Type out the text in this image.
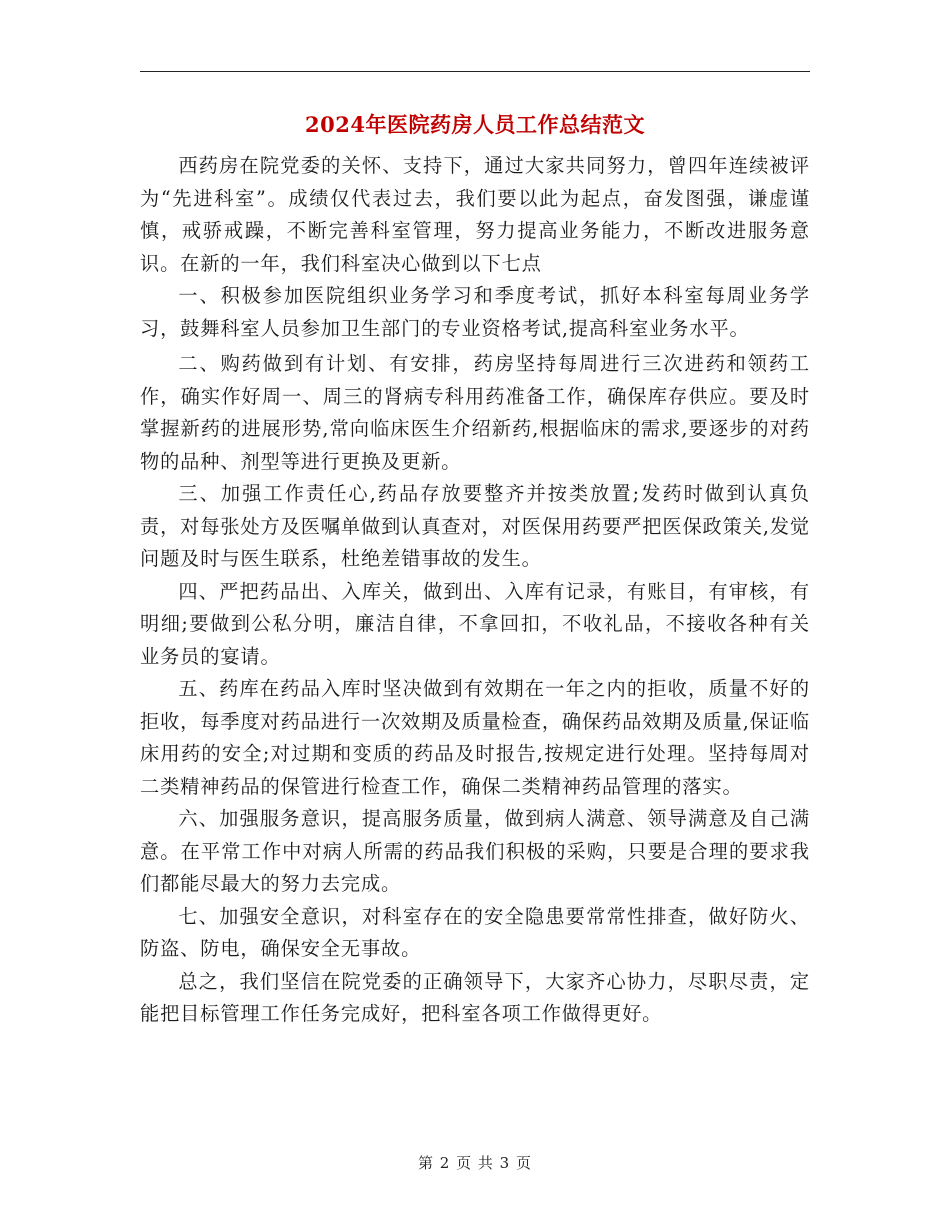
2024年医院药房人员工作总结范文

西药房在院党委的关怀、支持下，通过大家共同努力，曾四年连续被评为“先进科室”。成绩仅代表过去，我们要以此为起点，奋发图强，谦虚谨慎，戒骄戒躁，不断完善科室管理，努力提高业务能力，不断改进服务意识。在新的一年，我们科室决心做到以下七点

一、积极参加医院组织业务学习和季度考试，抓好本科室每周业务学习，鼓舞科室人员参加卫生部门的专业资格考试,提高科室业务水平。

二、购药做到有计划、有安排，药房坚持每周进行三次进药和领药工作，确实作好周一、周三的肾病专科用药准备工作，确保库存供应。要及时掌握新药的进展形势,常向临床医生介绍新药,根据临床的需求,要逐步的对药物的品种、剂型等进行更换及更新。

三、加强工作责任心,药品存放要整齐并按类放置;发药时做到认真负责，对每张处方及医嘱单做到认真查对，对医保用药要严把医保政策关,发觉问题及时与医生联系，杜绝差错事故的发生。

四、严把药品出、入库关，做到出、入库有记录，有账目，有审核，有明细;要做到公私分明，廉洁自律，不拿回扣，不收礼品，不接收各种有关业务员的宴请。

五、药库在药品入库时坚决做到有效期在一年之内的拒收，质量不好的拒收，每季度对药品进行一次效期及质量检查，确保药品效期及质量,保证临床用药的安全;对过期和变质的药品及时报告,按规定进行处理。坚持每周对二类精神药品的保管进行检查工作，确保二类精神药品管理的落实。

六、加强服务意识，提高服务质量，做到病人满意、领导满意及自己满意。在平常工作中对病人所需的药品我们积极的采购，只要是合理的要求我们都能尽最大的努力去完成。

七、加强安全意识，对科室存在的安全隐患要常常性排查，做好防火、防盗、防电，确保安全无事故。

总之，我们坚信在院党委的正确领导下，大家齐心协力，尽职尽责，定能把目标管理工作任务完成好，把科室各项工作做得更好。

第 2 页 共 3 页
